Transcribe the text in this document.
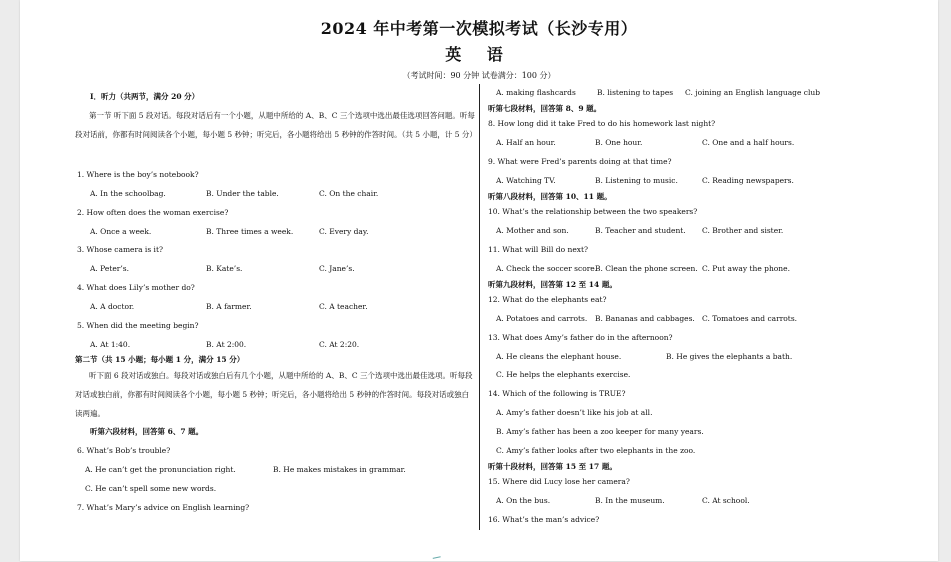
2024 年中考第一次模拟考试（长沙专用）
英 语
（考试时间：90 分钟 试卷满分：100 分）
I．听力（共两节，满分 20 分）
第一节 听下面 5 段对话。每段对话后有一个小题，从题中所给的 A、B、C 三个选项中选出最佳选项回答问题。听每段对话前，你都有时间阅读各个小题，每小题 5 秒钟；听完后，各小题将给出 5 秒钟的作答时间。（共 5 小题，计 5 分）
1. Where is the boy’s notebook?
A. In the schoolbag.	B. Under the table.	C. On the chair.
2. How often does the woman exercise?
A. Once a week.	B. Three times a week.	C. Every day.
3. Whose camera is it?
A. Peter’s.	B. Kate’s.	C. Jane’s.
4. What does Lily’s mother do?
A. A doctor.	B. A farmer.	C. A teacher.
5. When did the meeting begin?
A. At 1:40.	B. At 2:00.	C. At 2:20.
第二节（共 15 小题；每小题 1 分，满分 15 分）
听下面 6 段对话或独白。每段对话或独白后有几个小题，从题中所给的 A、B、C 三个选项中选出最佳选项。听每段对话或独白前，你都有时间阅读各个小题，每小题 5 秒钟；听完后，各小题将给出 5 秒钟的作答时间。每段对话或独白读两遍。
听第六段材料，回答第 6、7 题。
6. What’s Bob’s trouble?
A. He can’t get the pronunciation right.	B. He makes mistakes in grammar.
C. He can’t spell some new words.
7. What’s Mary’s advice on English learning?
A. making flashcards	B. listening to tapes C. joining an English language club
听第七段材料，回答第 8、9 题。
8. How long did it take Fred to do his homework last night?
A. Half an hour.	B. One hour.	C. One and a half hours.
9. What were Fred’s parents doing at that time?
A. Watching TV.	B. Listening to music.	C. Reading newspapers.
听第八段材料，回答第 10、11 题。
10. What’s the relationship between the two speakers?
A. Mother and son.	B. Teacher and student. C. Brother and sister.
11. What will Bill do next?
A. Check the soccer score.
B. Clean the phone screen. C. Put away the phone.
听第九段材料，回答第 12 至 14 题。
12. What do the elephants eat?
A. Potatoes and carrots. B. Bananas and cabbages. C. Tomatoes and carrots.
13. What does Amy’s father do in the afternoon?
A. He cleans the elephant house.	B. He gives the elephants a bath.
C. He helps the elephants exercise.
14. Which of the following is TRUE?
A. Amy’s father doesn’t like his job at all.
B. Amy’s father has been a zoo keeper for many years.
C. Amy’s father looks after two elephants in the zoo.
听第十段材料，回答第 15 至 17 题。
15. Where did Lucy lose her camera?
A. On the bus.	B. In the museum.	C. At school.
16. What’s the man’s advice?
